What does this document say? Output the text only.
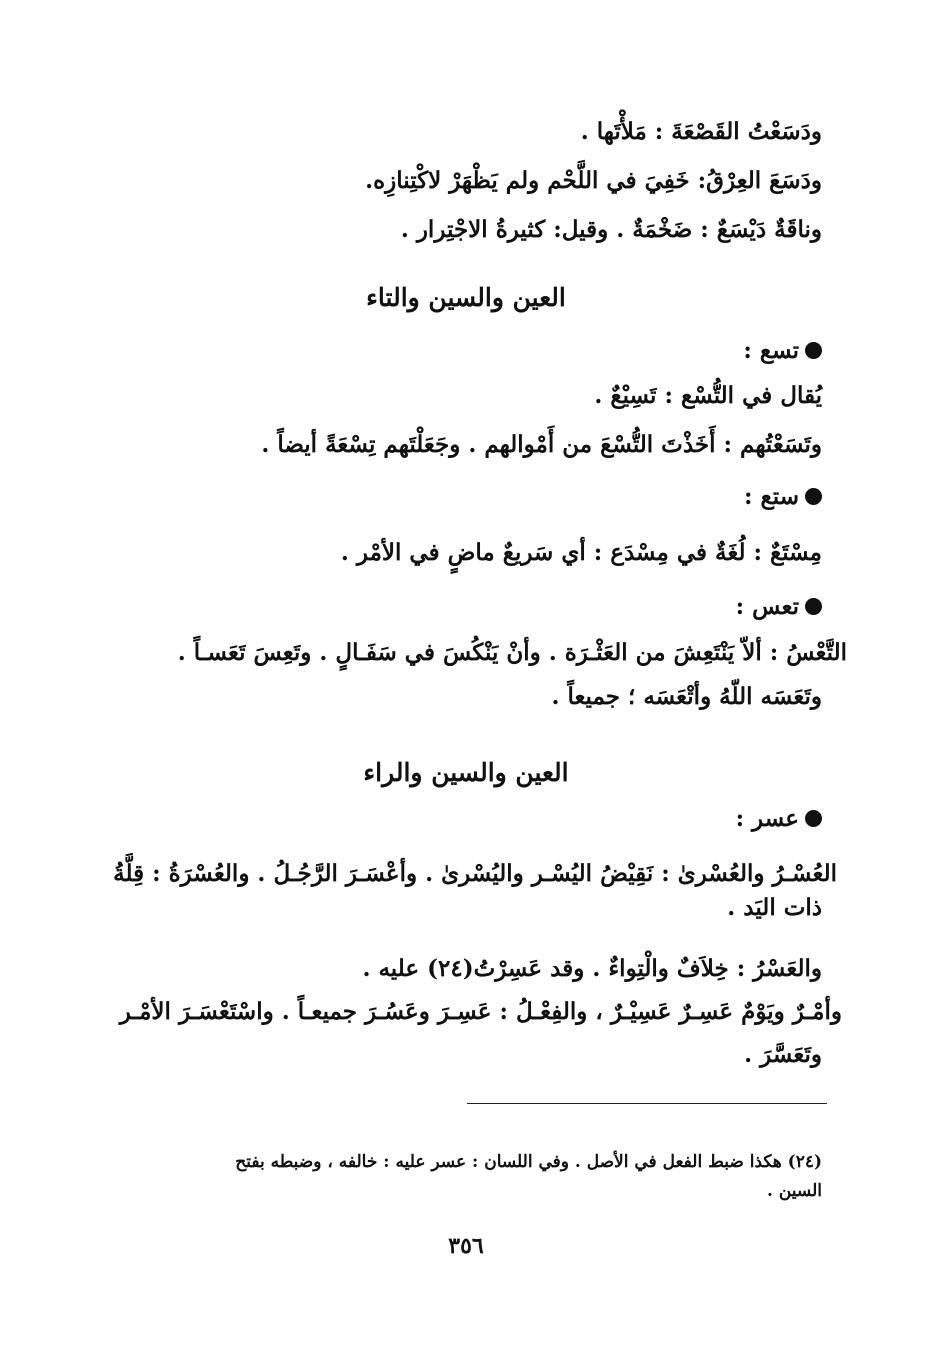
ودَسَعْتُ القَصْعَةَ : مَلأْتَها .
ودَسَعَ العِرْقُ: خَفِيَ في اللَّحْم ولم يَظْهَرْ لاكْتِنازِه.
وناقَةٌ دَيْسَعٌ : ضَخْمَةٌ . وقيل: كثيرةُ الاجْتِرار .
العين والسين والتاء
تسع :
يُقال في التُّسْع : تَسِيْعٌ .
وتَسَعْتُهم : أَخَذْتَ التُّسْعَ من أَمْوالهم . وجَعَلْتَهم تِسْعَةً أيضاً .
ستع :
مِسْتَعٌ : لُغَةٌ في مِسْدَع : أي سَريعٌ ماضٍ في الأمْر .
تعس :
التَّعْسُ : ألاّ يَنْتَعِشَ من العَثْـرَة . وأنْ يَنْكُسَ في سَفَـالٍ . وتَعِسَ تَعَسـاً .
وتَعَسَه اللّهُ وأتْعَسَه ؛ جميعاً .
العين والسين والراء
عسر :
العُسْـرُ والعُسْرىٰ : نَقِيْضُ اليُسْـر واليُسْرىٰ . وأعْسَـرَ الرَّجُـلُ . والعُسْرَةُ : قِلَّةُ
ذات اليَد .
والعَسْرُ : خِلاَفٌ والْتِواءٌ . وقد عَسِرْتُ(٢٤) عليه .
وأمْـرٌ ويَوْمٌ عَسِـرٌ عَسِيْـرٌ ، والفِعْـلُ : عَسِـرَ وعَسُـرَ جميعـاً . واسْتَعْسَـرَ الأمْـر
وتَعَسَّرَ .
(٢٤) هكذا ضبط الفعل في الأصل . وفي اللسان : عسر عليه : خالفه ، وضبطه بفتح
السين .
٣٥٦
